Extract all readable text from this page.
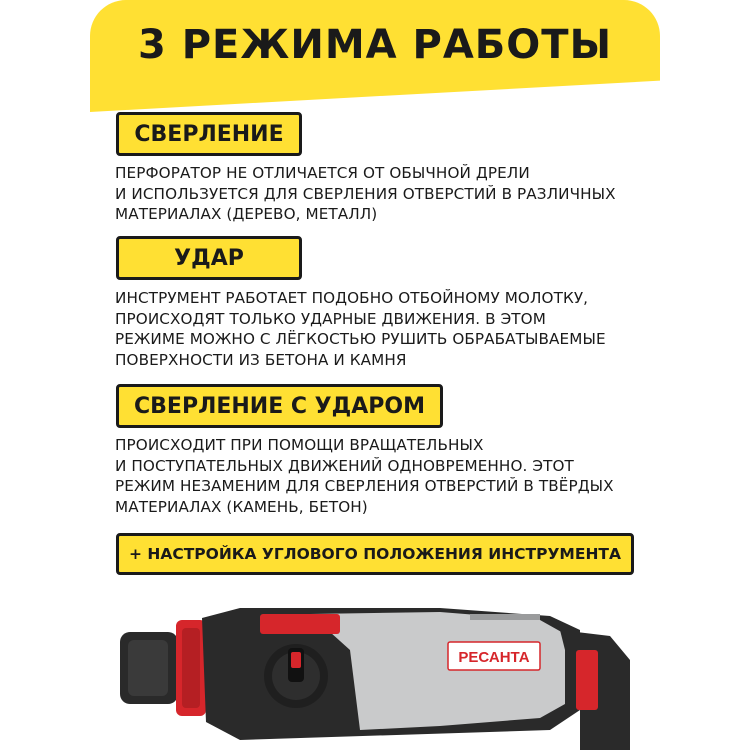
3 РЕЖИМА РАБОТЫ
СВЕРЛЕНИЕ
ПЕРФОРАТОР НЕ ОТЛИЧАЕТСЯ ОТ ОБЫЧНОЙ ДРЕЛИ
И ИСПОЛЬЗУЕТСЯ ДЛЯ СВЕРЛЕНИЯ ОТВЕРСТИЙ В РАЗЛИЧНЫХ
МАТЕРИАЛАХ (ДЕРЕВО, МЕТАЛЛ)
УДАР
ИНСТРУМЕНТ РАБОТАЕТ ПОДОБНО ОТБОЙНОМУ МОЛОТКУ,
ПРОИСХОДЯТ ТОЛЬКО УДАРНЫЕ ДВИЖЕНИЯ. В ЭТОМ
РЕЖИМЕ МОЖНО С ЛЁГКОСТЬЮ РУШИТЬ ОБРАБАТЫВАЕМЫЕ
ПОВЕРХНОСТИ ИЗ БЕТОНА И КАМНЯ
СВЕРЛЕНИЕ С УДАРОМ
ПРОИСХОДИТ ПРИ ПОМОЩИ ВРАЩАТЕЛЬНЫХ
И ПОСТУПАТЕЛЬНЫХ ДВИЖЕНИЙ ОДНОВРЕМЕННО. ЭТОТ
РЕЖИМ НЕЗАМЕНИМ ДЛЯ СВЕРЛЕНИЯ ОТВЕРСТИЙ В ТВЁРДЫХ
МАТЕРИАЛАХ (КАМЕНЬ, БЕТОН)
+ НАСТРОЙКА УГЛОВОГО ПОЛОЖЕНИЯ ИНСТРУМЕНТА
РЕСАНТА
